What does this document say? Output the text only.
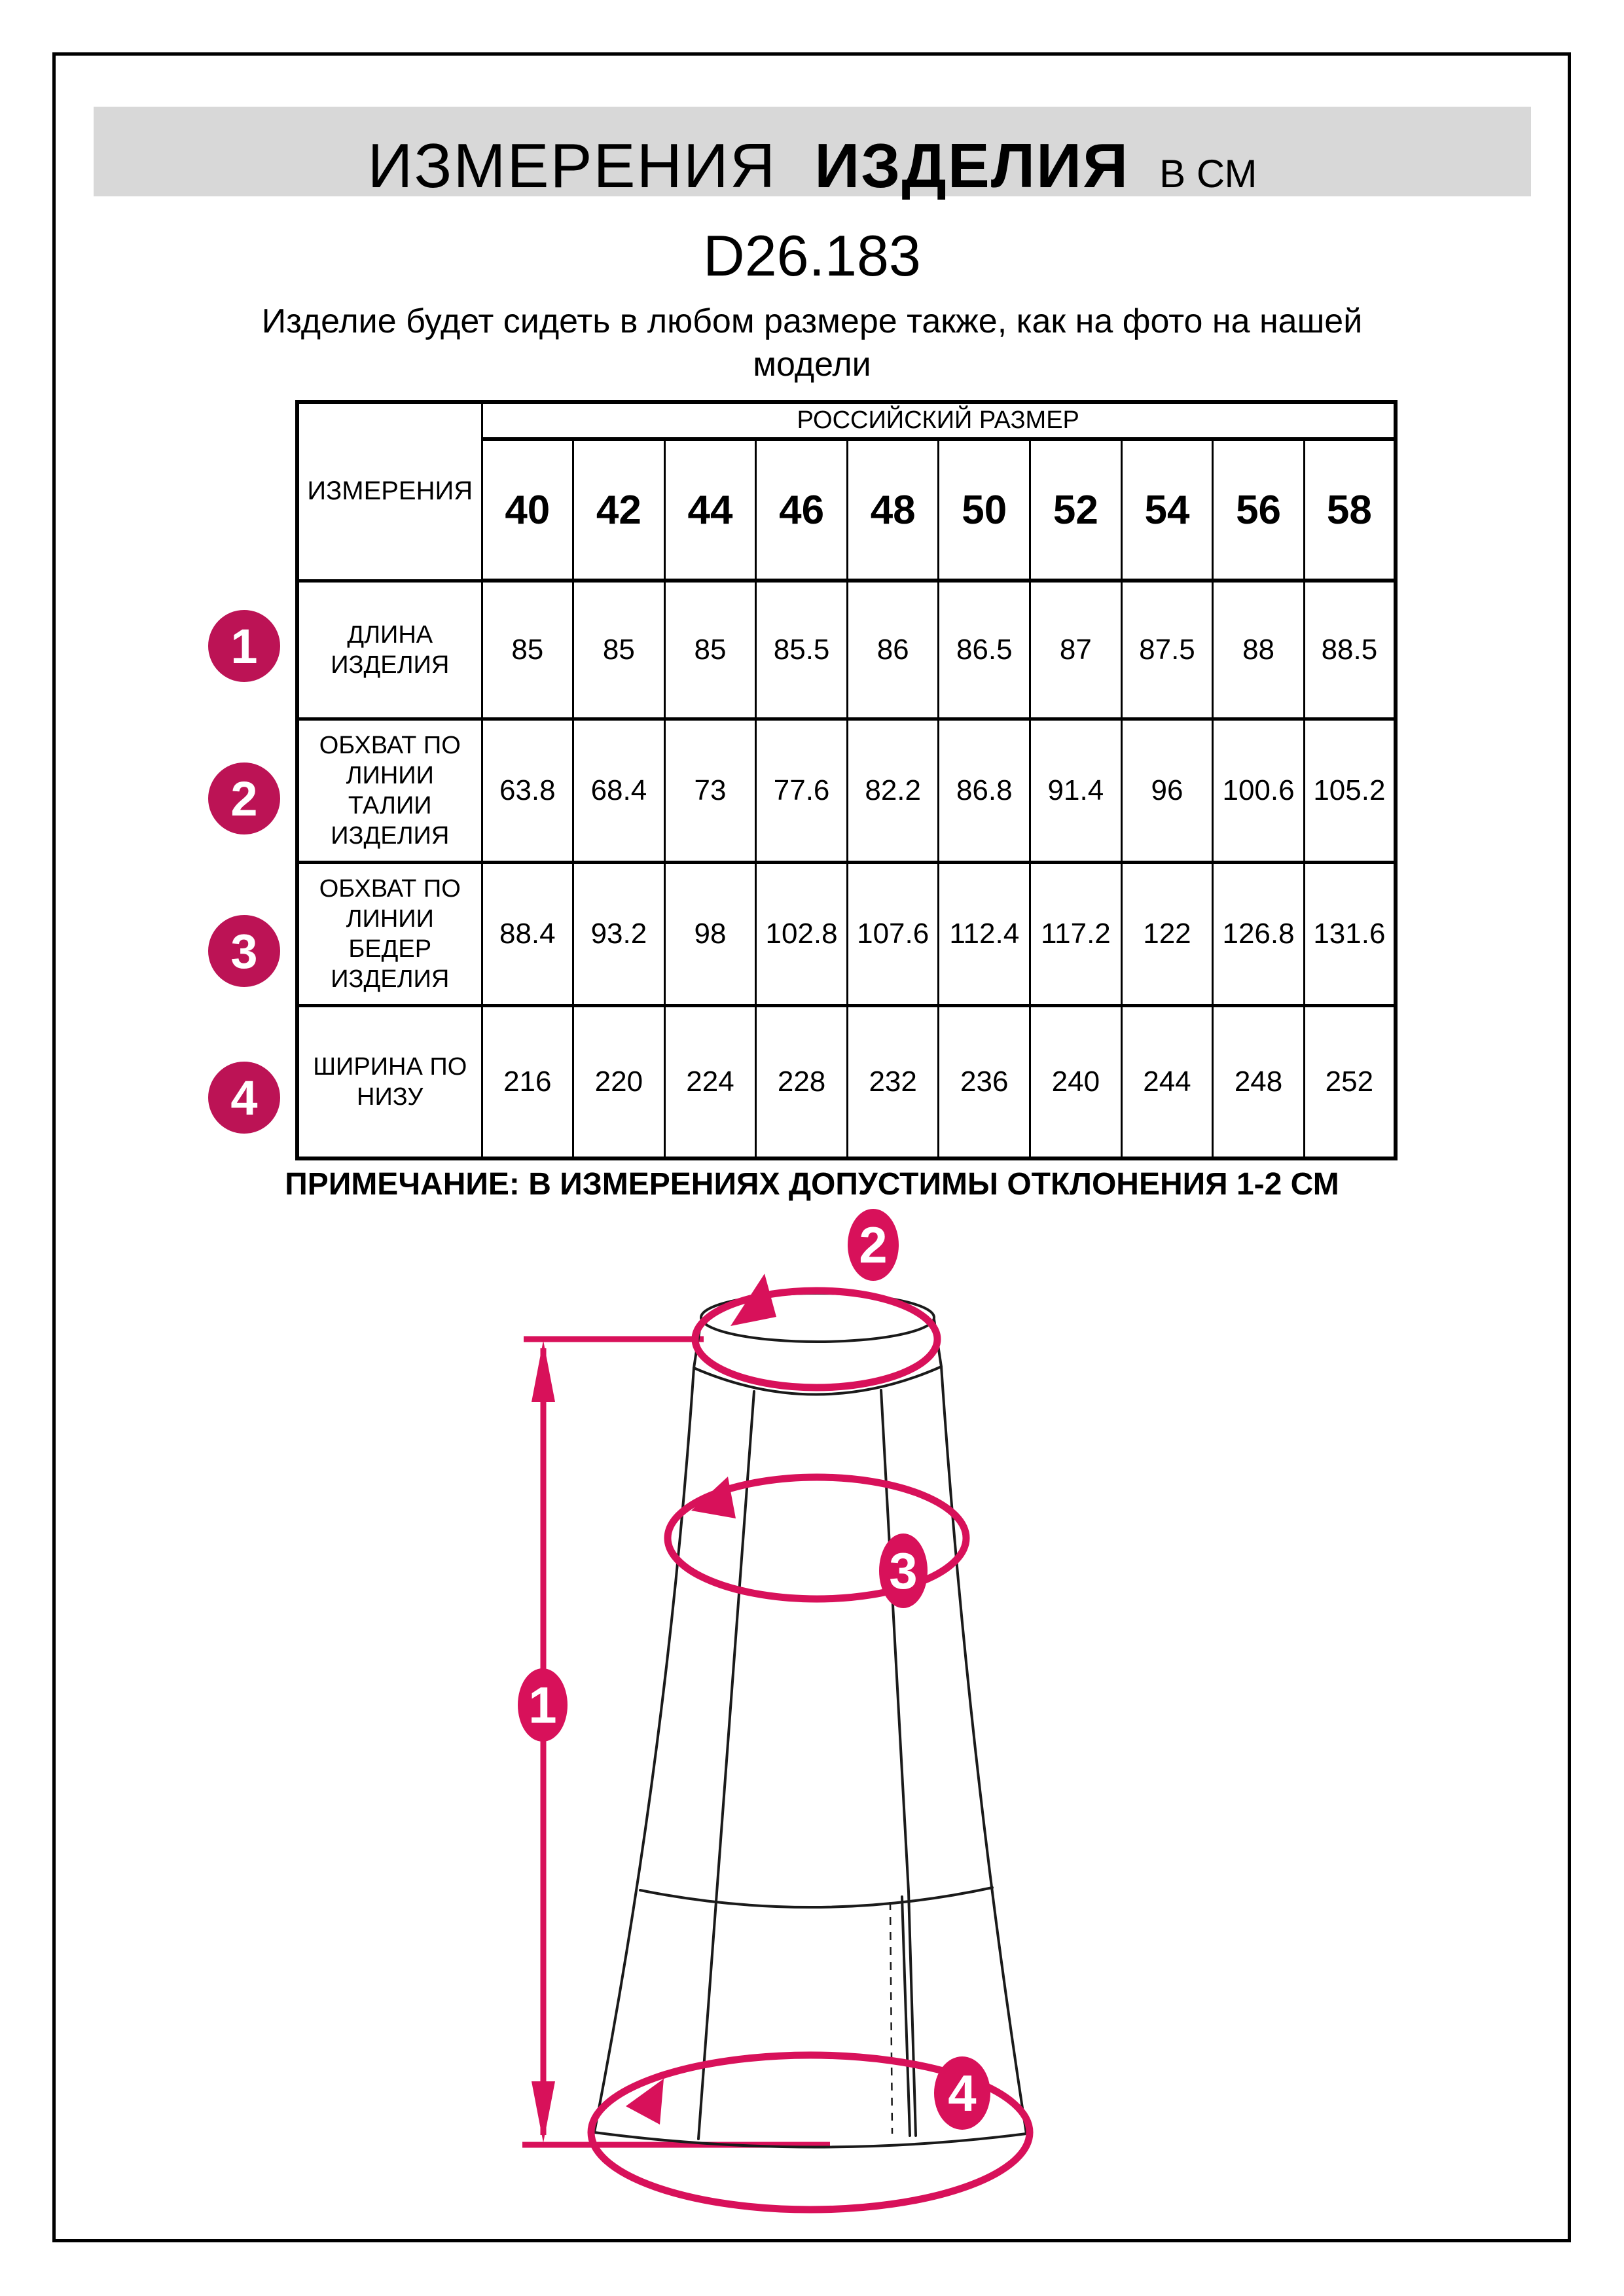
ИЗМЕРЕНИЯ ИЗДЕЛИЯ В СМ
D26.183
Изделие будет сидеть в любом размере также, как на фото на нашей модели
ИЗМЕРЕНИЯ	РОССИЙСКИЙ РАЗМЕР									
	40	42	44	46	48	50	52	54	56	58
ДЛИНА ИЗДЕЛИЯ	85	85	85	85.5	86	86.5	87	87.5	88	88.5
ОБХВАТ ПО ЛИНИИ ТАЛИИ ИЗДЕЛИЯ	63.8	68.4	73	77.6	82.2	86.8	91.4	96	100.6	105.2
ОБХВАТ ПО ЛИНИИ БЕДЕР ИЗДЕЛИЯ	88.4	93.2	98	102.8	107.6	112.4	117.2	122	126.8	131.6
ШИРИНА ПО НИЗУ	216	220	224	228	232	236	240	244	248	252
1
2
3
4
ПРИМЕЧАНИЕ: В ИЗМЕРЕНИЯХ ДОПУСТИМЫ ОТКЛОНЕНИЯ 1-2 СМ
1
2
3
4
